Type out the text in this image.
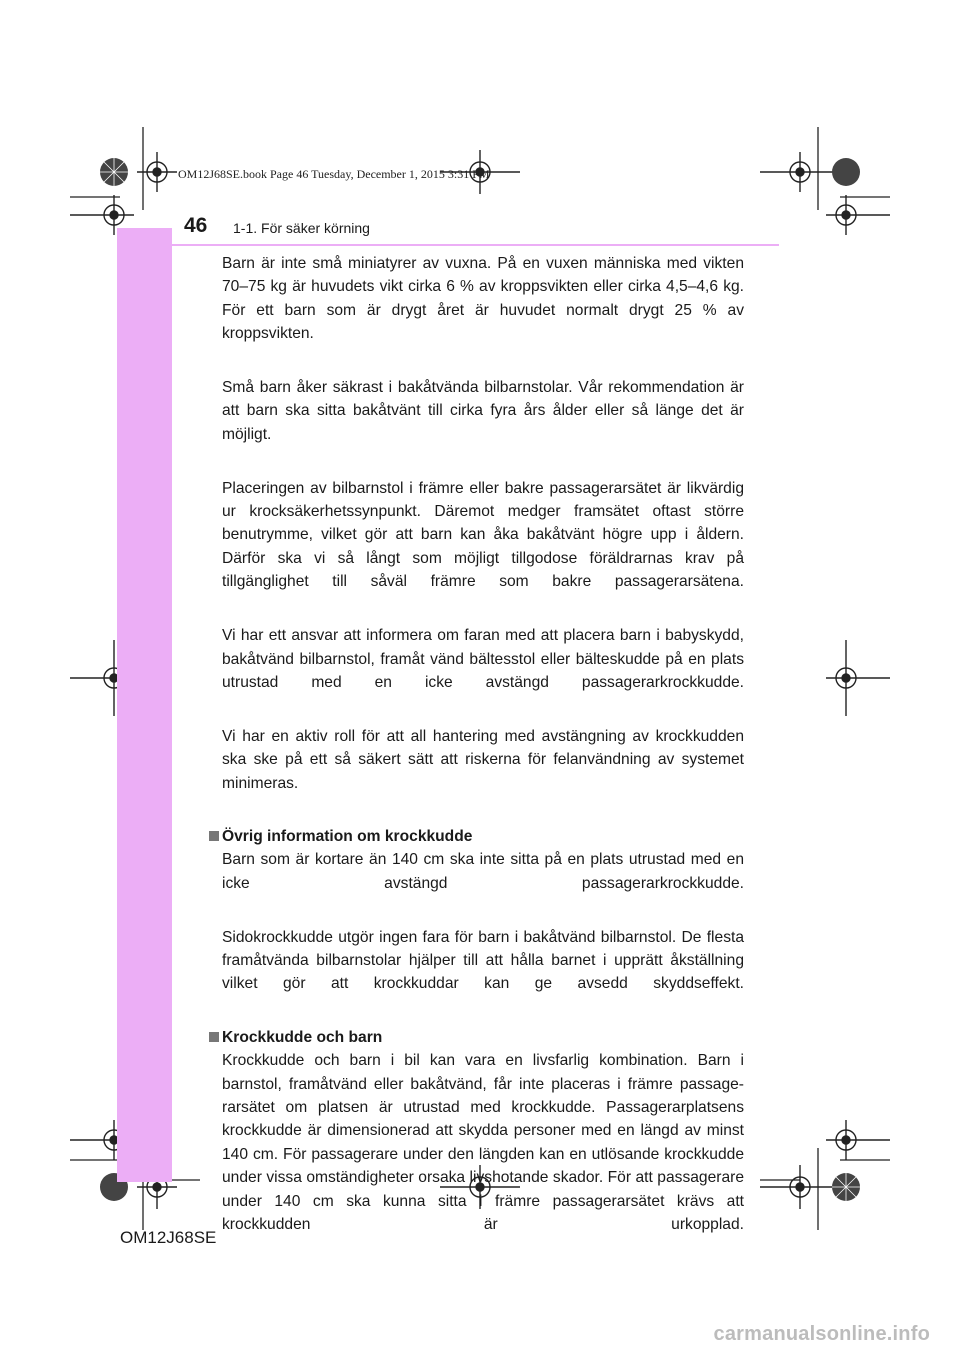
OM12J68SE.book Page 46 Tuesday, December 1, 2015 3:31 PM
46 1-1. För säker körning

Barn är inte små miniatyrer av vuxna. På en vuxen människa med vikten 70–75 kg är huvudets vikt cirka 6 % av kroppsvikten eller cirka 4,5–4,6 kg. För ett barn som är drygt året är huvudet normalt drygt 25 % av kroppsvikten.

Små barn åker säkrast i bakåtvända bilbarnstolar. Vår rekommendation är att barn ska sitta bakåtvänt till cirka fyra års ålder eller så länge det är möjligt.

Placeringen av bilbarnstol i främre eller bakre passagerarsätet är likvärdig ur krocksäkerhetssynpunkt. Däremot medger framsätet oftast större benutrymme, vilket gör att barn kan åka bakåtvänt högre upp i åldern. Därför ska vi så långt som möjligt tillgodose föräldrarnas krav på tillgänglighet till såväl främre som bakre passagerarsätena.

Vi har ett ansvar att informera om faran med att placera barn i babyskydd, bakåtvänd bilbarnstol, framåt vänd bältesstol eller bälteskudde på en plats utrustad med en icke avstängd passagerarkrockkudde.

Vi har en aktiv roll för att all hantering med avstängning av krockkudden ska ske på ett så säkert sätt att riskerna för felanvändning av systemet minimeras.

Övrig information om krockkudde

Barn som är kortare än 140 cm ska inte sitta på en plats utrustad med en icke avstängd passagerarkrockkudde.

Sidokrockkudde utgör ingen fara för barn i bakåtvänd bilbarnstol. De flesta framåtvända bilbarnstolar hjälper till att hålla barnet i upprätt åkställning vilket gör att krockkuddar kan ge avsedd skyddseffekt.

Krockkudde och barn

Krockkudde och barn i bil kan vara en livsfarlig kombination. Barn i barnstol, framåtvänd eller bakåtvänd, får inte placeras i främre passagerarsätet om platsen är utrustad med krockkudde. Passagerarplatsens krockkudde är dimensionerad att skydda personer med en längd av minst 140 cm. För passagerare under den längden kan en utlösande krockkudde under vissa omständigheter orsaka livshotande skador. För att passagerare under 140 cm ska kunna sitta i främre passagerarsätet krävs att krockkudden är urkopplad.

OM12J68SE
carmanualsonline.info
